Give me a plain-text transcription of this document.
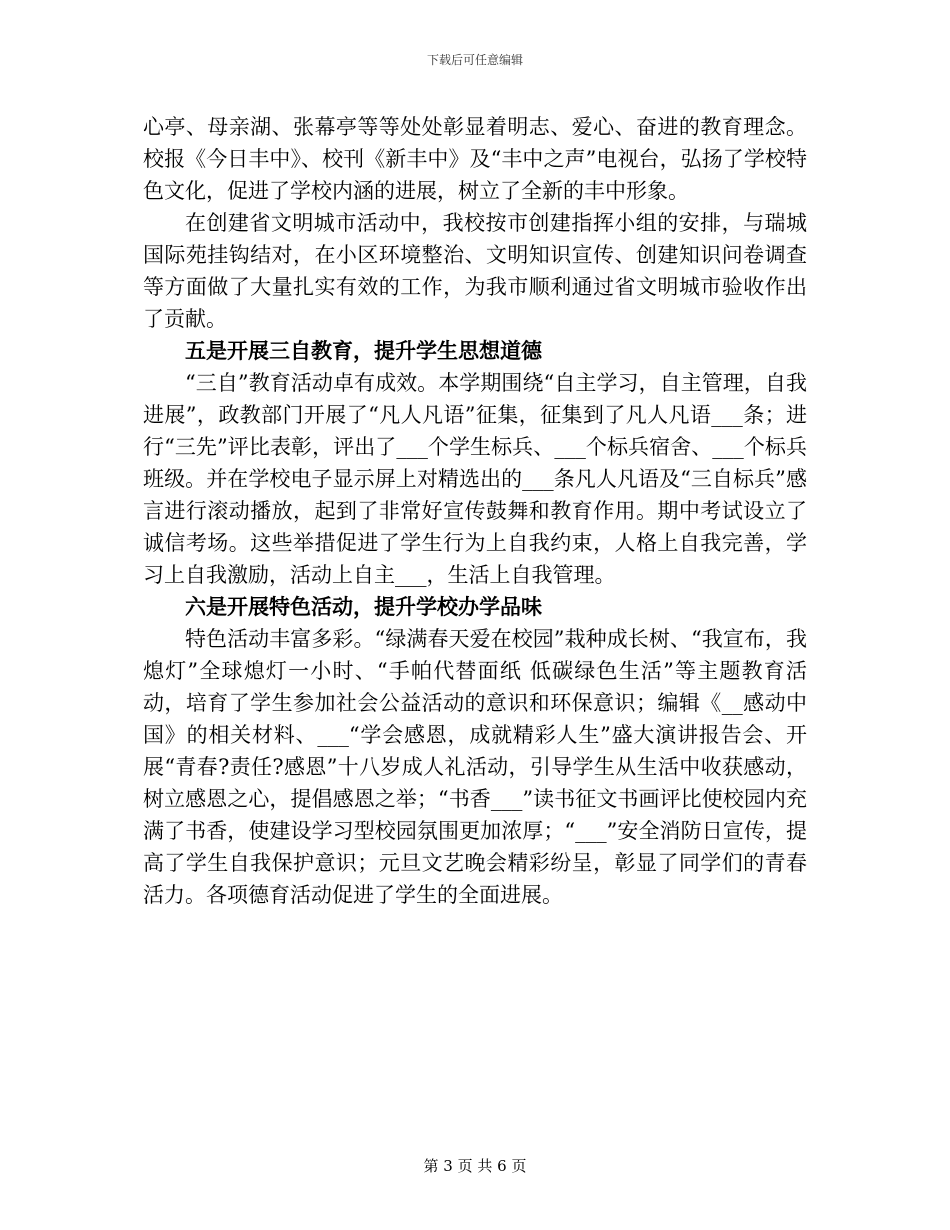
下载后可任意编辑

心亭、母亲湖、张幕亭等等处处彰显着明志、爱心、奋进的教育理念。校报《今日丰中》、校刊《新丰中》及“丰中之声”电视台，弘扬了学校特色文化，促进了学校内涵的进展，树立了全新的丰中形象。

在创建省文明城市活动中，我校按市创建指挥小组的安排，与瑞城国际苑挂钩结对，在小区环境整治、文明知识宣传、创建知识问卷调查等方面做了大量扎实有效的工作，为我市顺利通过省文明城市验收作出了贡献。

五是开展三自教育，提升学生思想道德

“三自”教育活动卓有成效。本学期围绕“自主学习，自主管理，自我进展”，政教部门开展了“凡人凡语”征集，征集到了凡人凡语___条；进行“三先”评比表彰，评出了___个学生标兵、___个标兵宿舍、___个标兵班级。并在学校电子显示屏上对精选出的___条凡人凡语及“三自标兵”感言进行滚动播放，起到了非常好宣传鼓舞和教育作用。期中考试设立了诚信考场。这些举措促进了学生行为上自我约束，人格上自我完善，学习上自我激励，活动上自主___，生活上自我管理。

六是开展特色活动，提升学校办学品味

特色活动丰富多彩。“绿满春天爱在校园”栽种成长树、“我宣布，我熄灯”全球熄灯一小时、“手帕代替面纸 低碳绿色生活”等主题教育活动，培育了学生参加社会公益活动的意识和环保意识；编辑《__感动中国》的相关材料、___“学会感恩，成就精彩人生”盛大演讲报告会、开展“青春?责任?感恩”十八岁成人礼活动，引导学生从生活中收获感动，树立感恩之心，提倡感恩之举；“书香___”读书征文书画评比使校园内充满了书香，使建设学习型校园氛围更加浓厚；“___”安全消防日宣传，提高了学生自我保护意识；元旦文艺晚会精彩纷呈，彰显了同学们的青春活力。各项德育活动促进了学生的全面进展。

第 3 页 共 6 页
